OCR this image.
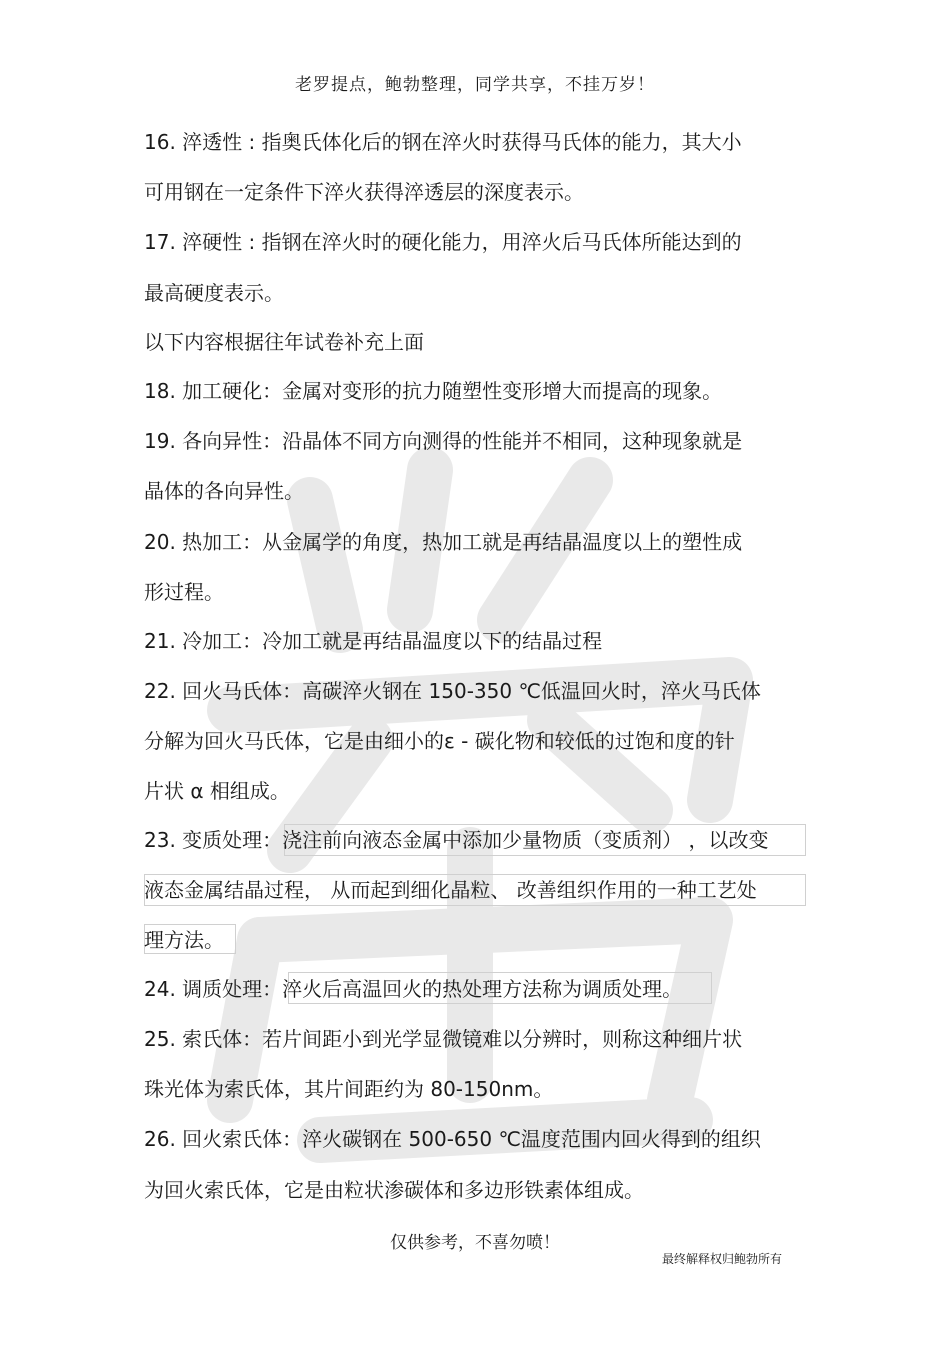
老罗提点，鲍勃整理，同学共享，不挂万岁！
16. 淬透性 : 指奥氏体化后的钢在淬火时获得马氏体的能力，其大小
可用钢在一定条件下淬火获得淬透层的深度表示。
17. 淬硬性 : 指钢在淬火时的硬化能力，用淬火后马氏体所能达到的
最高硬度表示。
以下内容根据往年试卷补充上面
18. 加工硬化：金属对变形的抗力随塑性变形增大而提高的现象。
19. 各向异性：沿晶体不同方向测得的性能并不相同，这种现象就是
晶体的各向异性。
20. 热加工：从金属学的角度，热加工就是再结晶温度以上的塑性成
形过程。
21. 冷加工：冷加工就是再结晶温度以下的结晶过程
22. 回火马氏体：高碳淬火钢在 150-350 ℃低温回火时，淬火马氏体
分解为回火马氏体，它是由细小的ε - 碳化物和较低的过饱和度的针
片状 α 相组成。
23. 变质处理：浇注前向液态金属中添加少量物质（变质剂） ，以改变
液态金属结晶过程， 从而起到细化晶粒、 改善组织作用的一种工艺处
理方法。
24. 调质处理：淬火后高温回火的热处理方法称为调质处理。
25. 索氏体：若片间距小到光学显微镜难以分辨时，则称这种细片状
珠光体为索氏体，其片间距约为 80-150nm。
26. 回火索氏体：淬火碳钢在 500-650 ℃温度范围内回火得到的组织
为回火索氏体，它是由粒状渗碳体和多边形铁素体组成。
仅供参考，不喜勿喷！
最终解释权归鲍勃所有
